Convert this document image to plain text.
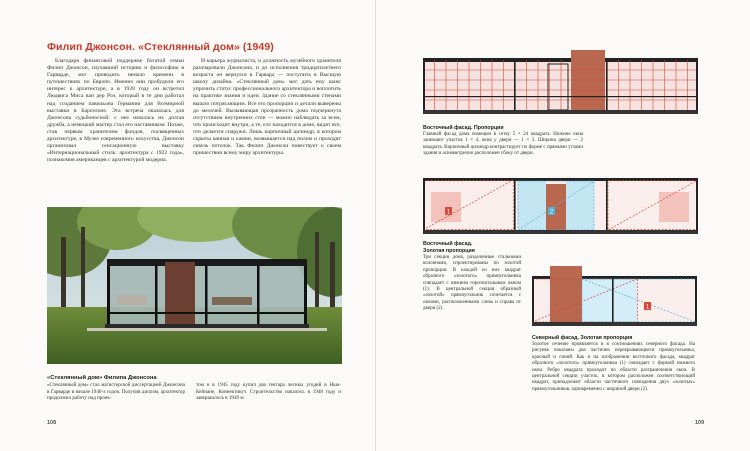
Филип Джонсон. «Стеклянный дом» (1949)
Благодаря финансовой поддержке богатой семьи Филип Джонсон, изучавший историю и философию в Гарварде, мог проводить немало времени в путешествиях по Европе. Именно они пробудили его интерес к архитектуре, а в 1928 году он встретил Людвига Миса ван дер Роэ, который в те дни работал над созданием павильона Германии для Всемирной выставки в Барселоне. Эта встреча оказалась для Джонсона судьбоносной: с нее началась их долгая дружба, а немецкий мастер стал его наставником. Позже, став первым хранителем фондов, посвященных архитектуре, в Музее современного искусства, Джонсон организовал сенсационную выставку «Интернациональный стиль: архитектура с 1922 года», познакомив американцев с архитектурой модерна.
И карьера журналиста, и должность музейного хранителя разочаровали Джонсона, и до исполнения тридцатилетнего возраста он вернулся в Гарвард — поступить в Высшую школу дизайна. «Стеклянный дом» мог дать ему шанс упрочить статус профессионального архитектора и воплотить на практике знания и идеи. Здание со стеклянными стенами вышло потрясающим. Все его пропорции и детали выверены до мелочей. Вызывающая прозрачность дома подчеркнута отсутствием внутренних стен — можно наблюдать за всем, что происходит внутри, а те, кто находится в доме, видят все, что делается снаружи. Лишь кирпичный цилиндр, в котором скрыты ванная и камин, возвышается над полом и проходит сквозь потолок. Так Филип Джонсон повествует о своем пришествии всему миру архитектуры.
«Стеклянный дом» Филипа Джонсона
«Стеклянный дом» стал магистерской диссертацией Джонсона в Гарварде в начале 1940-х годов. Получив диплом, архитектор продолжил работу над проек-
том и в 1945 году купил два гектара лесных угодий в Нью-Кейнане, Коннектикут. Строительство началось в 1948 году и завершилось в 1949 м.
108
Восточный фасад. Пропорции
Главный фасад дома помещен в сетку 5 × 24 квадрата. Нижние окна занимают участок 1 × 4, окна у двери — 1 × 3. Ширина двери — 2 квадрата. Кирпичный цилиндр контрастирует по форме с прямыми углами здания и асимметрично расположен сбоку от двери.
1	2
Восточный фасад.
Золотая пропорция
Три секции дома, разделенные стальными колоннами, спроектированы по золотой пропорции. В каждой из них квадрат образного «золотого» прямоугольника совпадает с нижним горизонтальным окном (1). В центральной секции образный «золотой» прямоугольник сочетается с окнами, расположенными слева и справа от двери (2).	1
Северный фасад. Золотая пропорция
Золотое сечение проявляется и в соотношениях северного фасада. На рисунке показаны два частично перекрывающиеся прямоугольника, красный и синий. Как и на изображении восточного фасада, квадрат образного «золотого» прямоугольника (1) совпадает с формой нижнего окна. Ребро квадрата проходит по области разграничения окон. В центральной секции участок, в котором расположен соответствующий квадрат, принадлежит области частичного совпадения двух «золотых» прямоугольников, одновременно с шириной двери (2).
109
